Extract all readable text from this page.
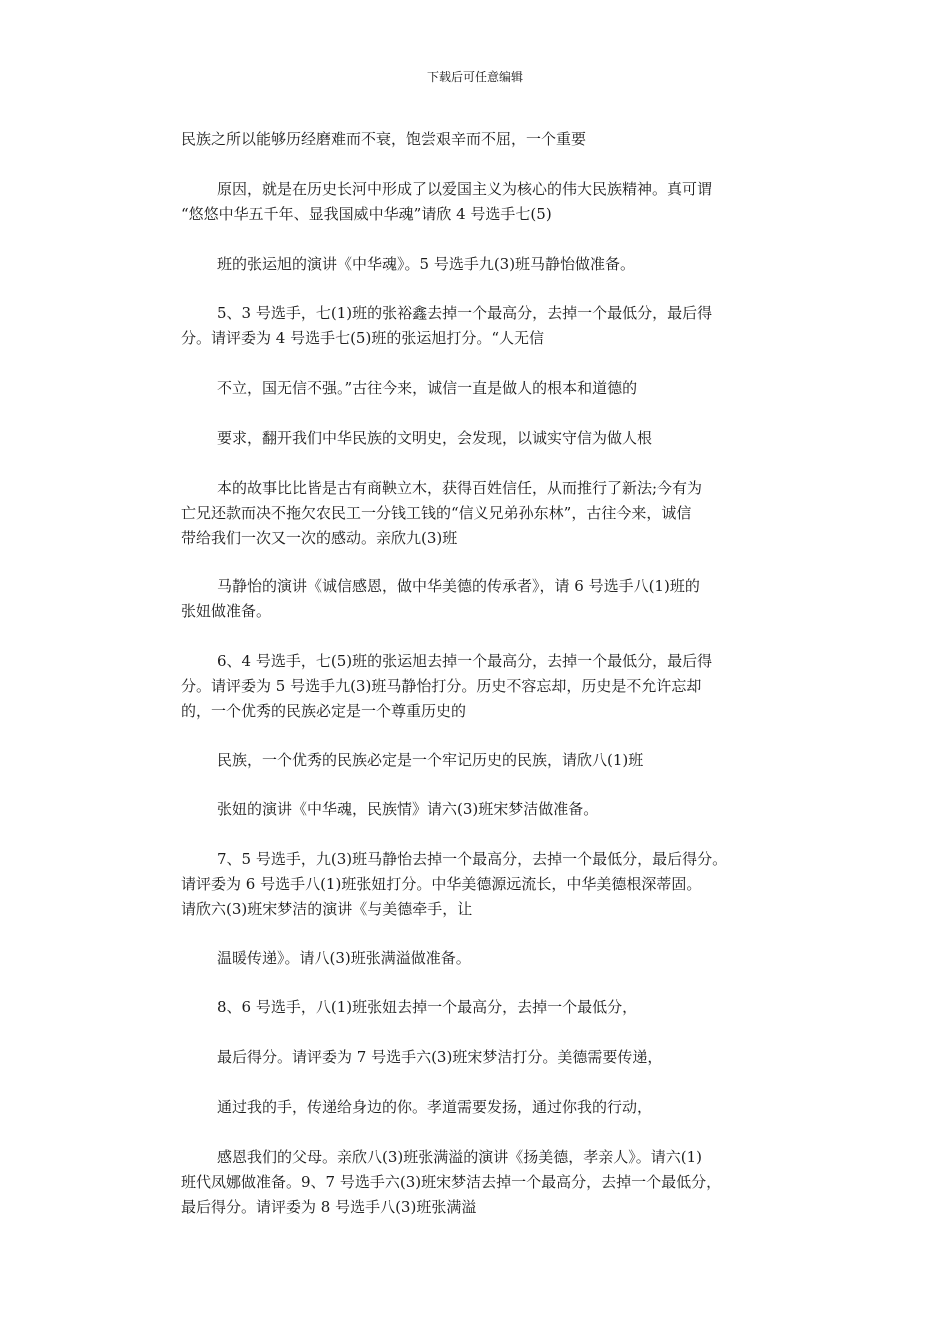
下载后可任意编辑

民族之所以能够历经磨难而不衰，饱尝艰辛而不屈，一个重要

原因，就是在历史长河中形成了以爱国主义为核心的伟大民族精神。真可谓
“悠悠中华五千年、显我国威中华魂”请欣 4 号选手七(5)

班的张运旭的演讲《中华魂》。5 号选手九(3)班马静怡做准备。

5、3 号选手，七(1)班的张裕鑫去掉一个最高分，去掉一个最低分，最后得
分。请评委为 4 号选手七(5)班的张运旭打分。“人无信

不立，国无信不强。”古往今来，诚信一直是做人的根本和道德的

要求，翻开我们中华民族的文明史，会发现，以诚实守信为做人根

本的故事比比皆是古有商鞅立木，获得百姓信任，从而推行了新法;今有为
亡兄还款而决不拖欠农民工一分钱工钱的“信义兄弟孙东林”，古往今来，诚信
带给我们一次又一次的感动。亲欣九(3)班

马静怡的演讲《诚信感恩，做中华美德的传承者》，请 6 号选手八(1)班的
张妞做准备。

6、4 号选手，七(5)班的张运旭去掉一个最高分，去掉一个最低分，最后得
分。请评委为 5 号选手九(3)班马静怡打分。历史不容忘却，历史是不允许忘却
的，一个优秀的民族必定是一个尊重历史的

民族，一个优秀的民族必定是一个牢记历史的民族，请欣八(1)班

张妞的演讲《中华魂，民族情》请六(3)班宋梦洁做准备。

7、5 号选手，九(3)班马静怡去掉一个最高分，去掉一个最低分，最后得分。
请评委为 6 号选手八(1)班张妞打分。中华美德源远流长，中华美德根深蒂固。
请欣六(3)班宋梦洁的演讲《与美德牵手，让

温暖传递》。请八(3)班张满溢做准备。

8、6 号选手，八(1)班张妞去掉一个最高分，去掉一个最低分，

最后得分。请评委为 7 号选手六(3)班宋梦洁打分。美德需要传递，

通过我的手，传递给身边的你。孝道需要发扬，通过你我的行动，

感恩我们的父母。亲欣八(3)班张满溢的演讲《扬美德，孝亲人》。请六(1)
班代凤娜做准备。9、7 号选手六(3)班宋梦洁去掉一个最高分，去掉一个最低分，
最后得分。请评委为 8 号选手八(3)班张满溢
